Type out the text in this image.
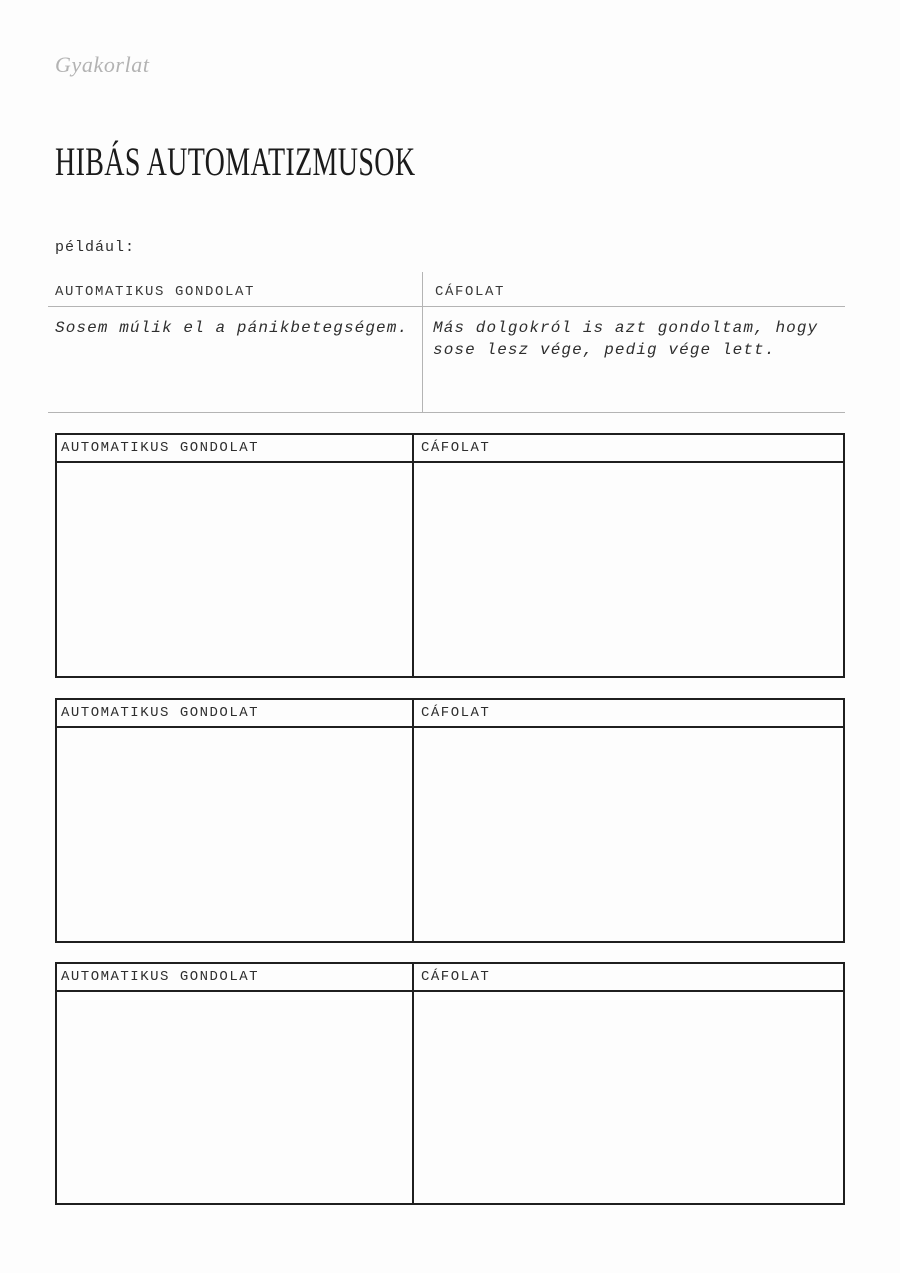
Gyakorlat
HIBÁS AUTOMATIZMUSOK
például:
AUTOMATIKUS GONDOLAT	CÁFOLAT
Sosem múlik el a pánikbetegségem.	Más dolgokról is azt gondoltam, hogy sose lesz vége, pedig vége lett.
AUTOMATIKUS GONDOLAT	CÁFOLAT
AUTOMATIKUS GONDOLAT	CÁFOLAT
AUTOMATIKUS GONDOLAT	CÁFOLAT
